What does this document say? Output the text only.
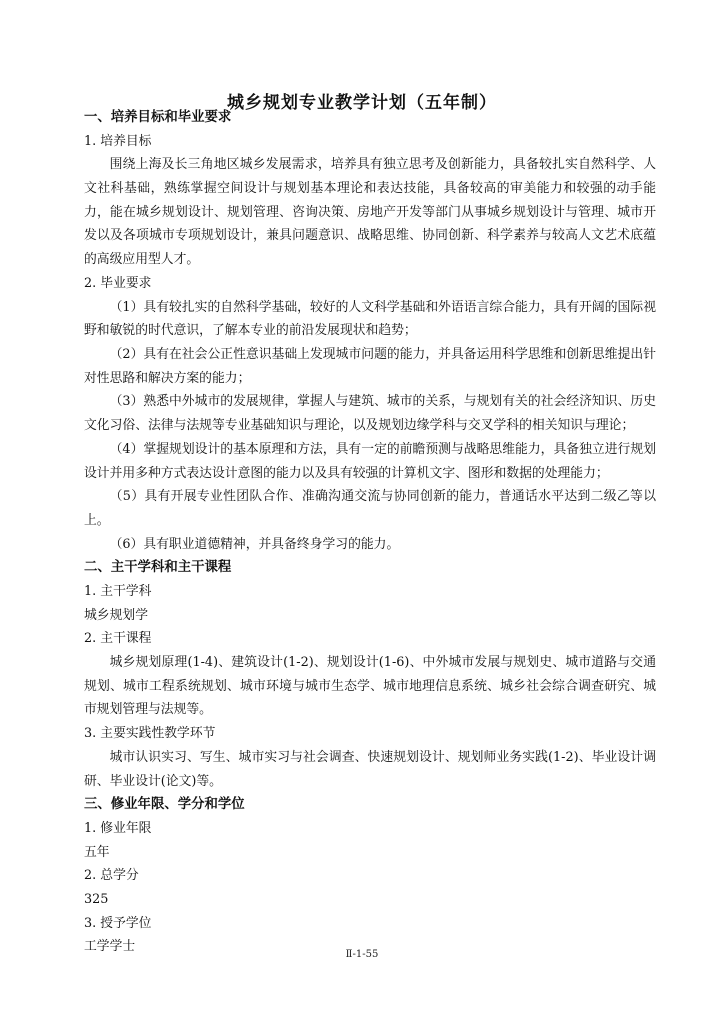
城乡规划专业教学计划（五年制）
一、培养目标和毕业要求
1. 培养目标
围绕上海及长三角地区城乡发展需求，培养具有独立思考及创新能力，具备较扎实自然科学、人文社科基础，熟练掌握空间设计与规划基本理论和表达技能，具备较高的审美能力和较强的动手能力，能在城乡规划设计、规划管理、咨询决策、房地产开发等部门从事城乡规划设计与管理、城市开发以及各项城市专项规划设计，兼具问题意识、战略思维、协同创新、科学素养与较高人文艺术底蕴的高级应用型人才。
2. 毕业要求
（1）具有较扎实的自然科学基础，较好的人文科学基础和外语语言综合能力，具有开阔的国际视野和敏锐的时代意识，了解本专业的前沿发展现状和趋势；
（2）具有在社会公正性意识基础上发现城市问题的能力，并具备运用科学思维和创新思维提出针对性思路和解决方案的能力；
（3）熟悉中外城市的发展规律，掌握人与建筑、城市的关系，与规划有关的社会经济知识、历史文化习俗、法律与法规等专业基础知识与理论，以及规划边缘学科与交叉学科的相关知识与理论；
（4）掌握规划设计的基本原理和方法，具有一定的前瞻预测与战略思维能力，具备独立进行规划设计并用多种方式表达设计意图的能力以及具有较强的计算机文字、图形和数据的处理能力；
（5）具有开展专业性团队合作、准确沟通交流与协同创新的能力，普通话水平达到二级乙等以上。
（6）具有职业道德精神，并具备终身学习的能力。
二、主干学科和主干课程
1. 主干学科
城乡规划学
2. 主干课程
城乡规划原理(1-4)、建筑设计(1-2)、规划设计(1-6)、中外城市发展与规划史、城市道路与交通规划、城市工程系统规划、城市环境与城市生态学、城市地理信息系统、城乡社会综合调查研究、城市规划管理与法规等。
3. 主要实践性教学环节
城市认识实习、写生、城市实习与社会调查、快速规划设计、规划师业务实践(1-2)、毕业设计调研、毕业设计(论文)等。
三、修业年限、学分和学位
1. 修业年限
五年
2. 总学分
325
3. 授予学位
工学学士
Ⅱ-1-55
